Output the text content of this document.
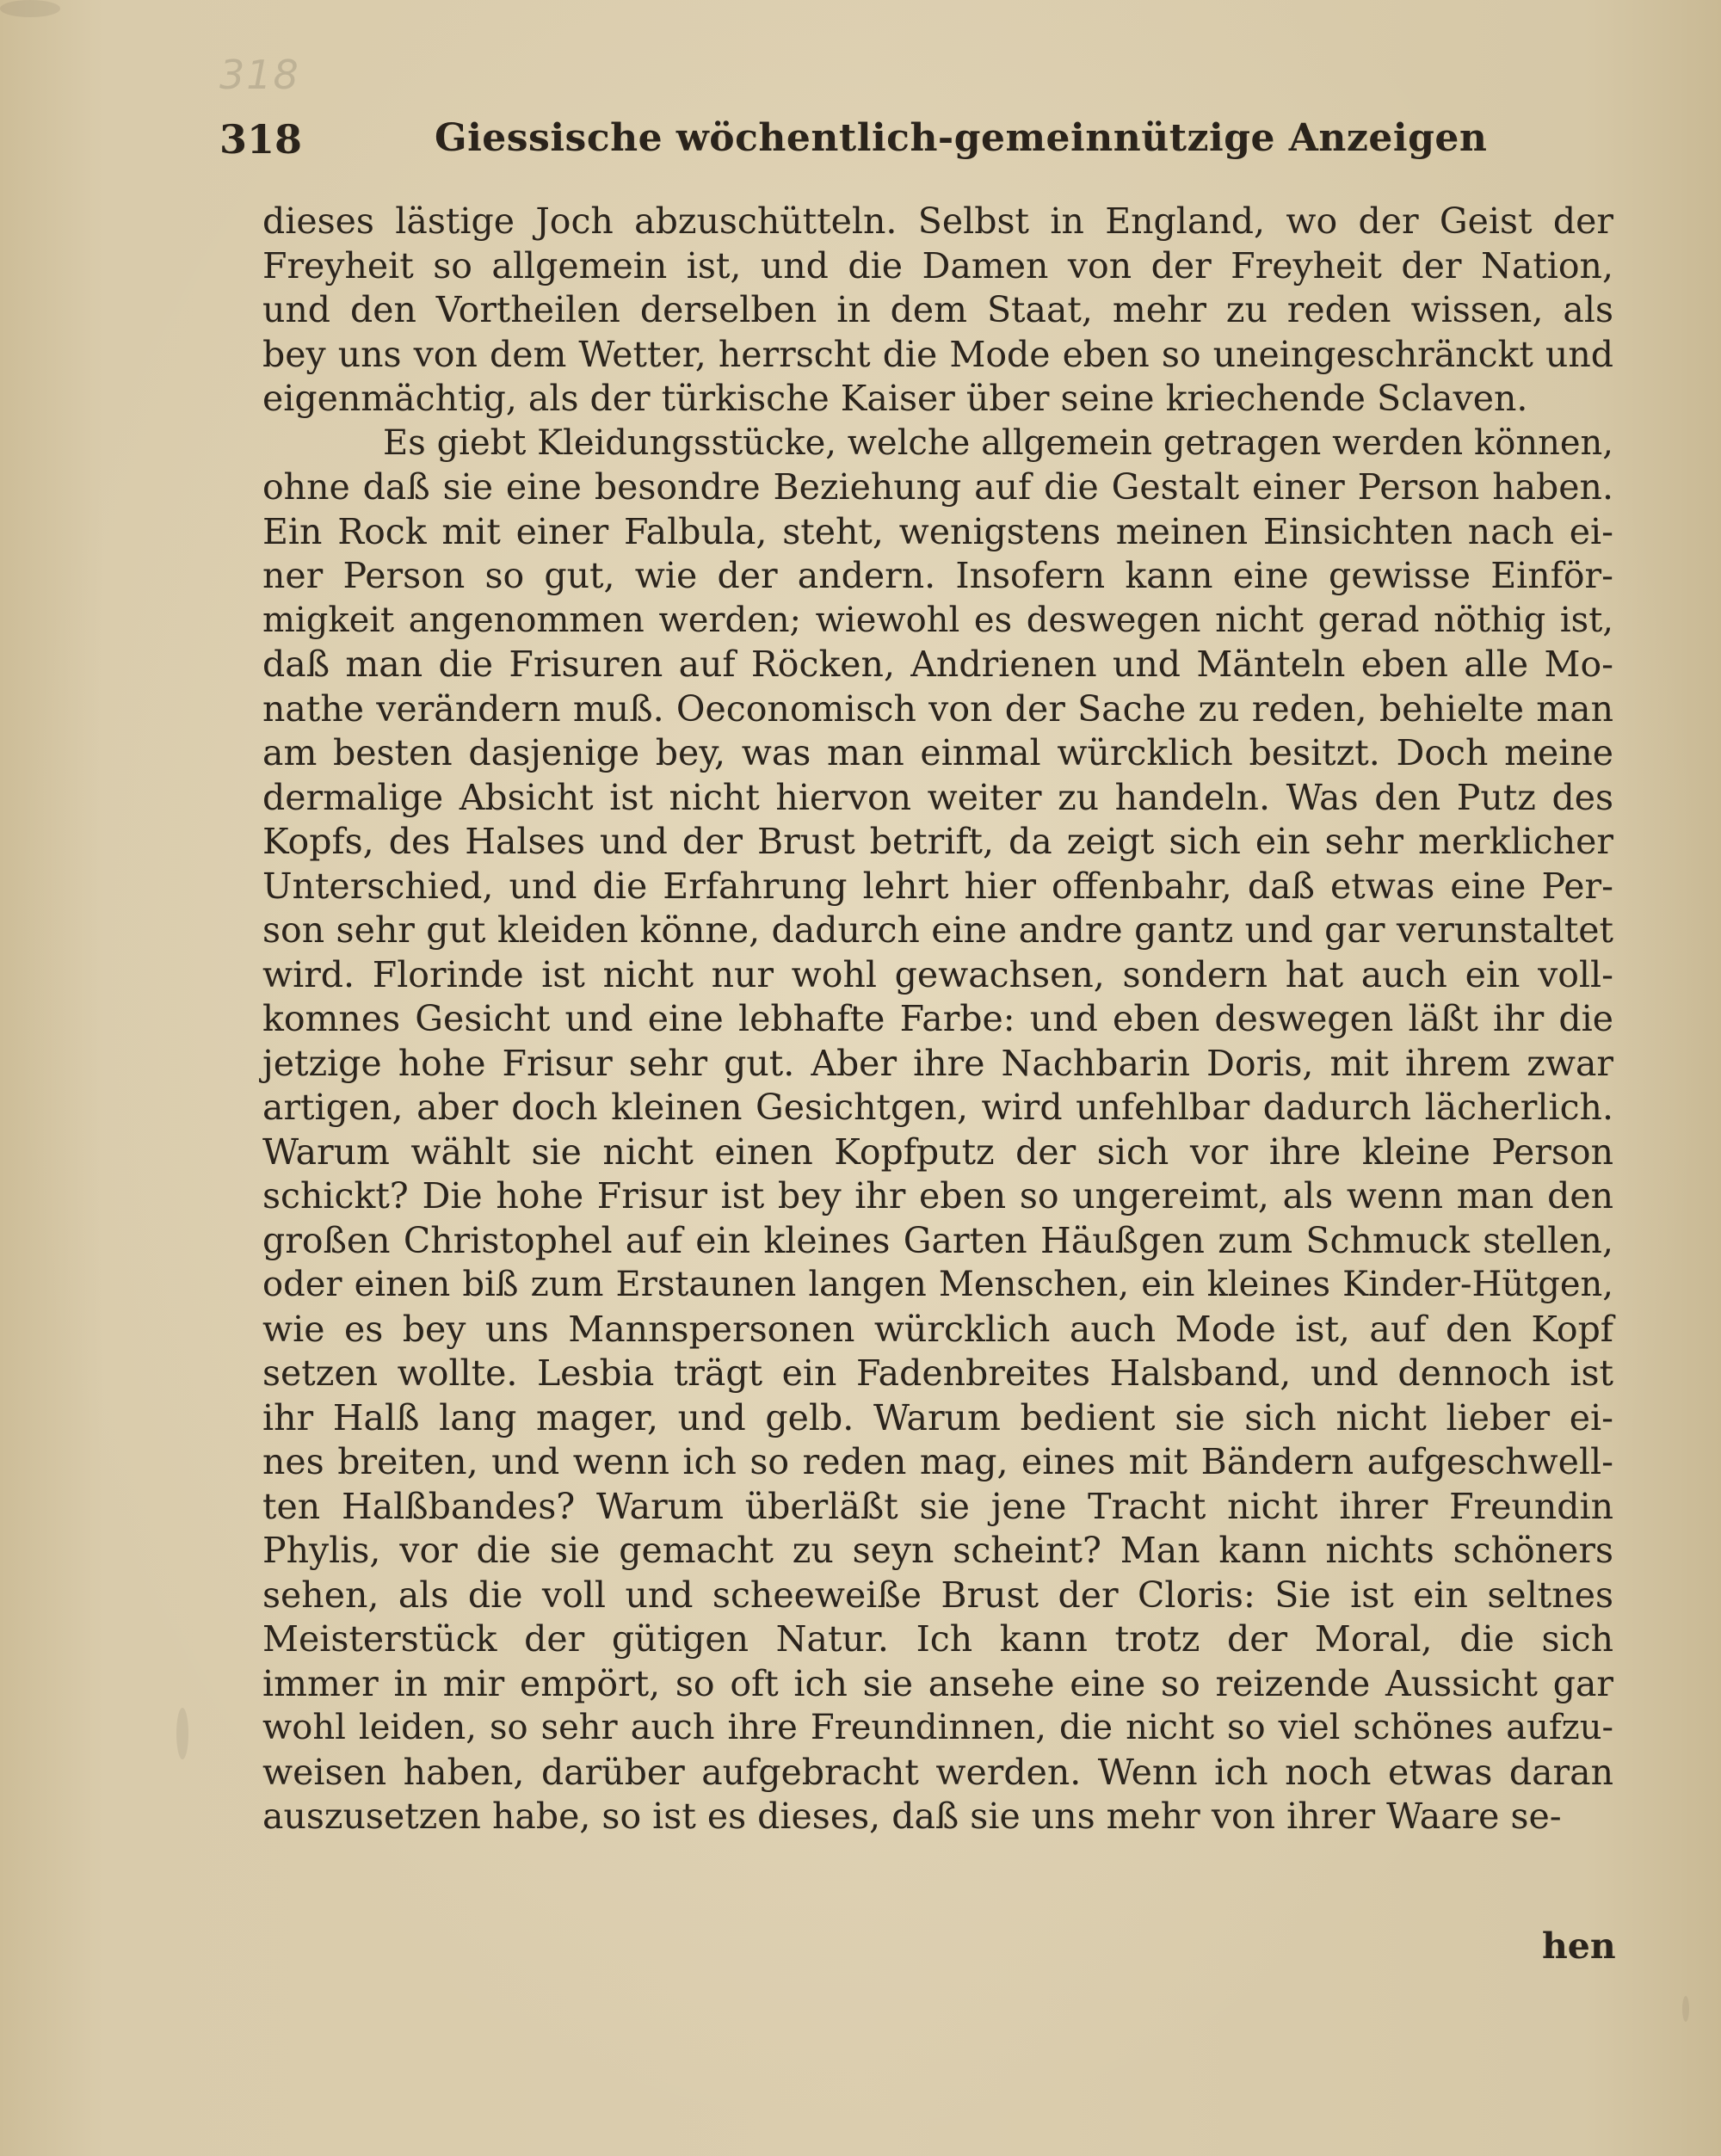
318
318	Giessische wöchentlich-gemeinnützige Anzeigen
dieses lästige Joch abzuschütteln. Selbst in England, wo der Geist der
Freyheit so allgemein ist, und die Damen von der Freyheit der Nation,
und den Vortheilen derselben in dem Staat, mehr zu reden wissen, als
bey uns von dem Wetter, herrscht die Mode eben so uneingeschränckt und
eigenmächtig, als der türkische Kaiser über seine kriechende Sclaven.
Es giebt Kleidungsstücke, welche allgemein getragen werden können,
ohne daß sie eine besondre Beziehung auf die Gestalt einer Person haben.
Ein Rock mit einer Falbula, steht, wenigstens meinen Einsichten nach ei-
ner Person so gut, wie der andern. Insofern kann eine gewisse Einför-
migkeit angenommen werden; wiewohl es deswegen nicht gerad nöthig ist,
daß man die Frisuren auf Röcken, Andrienen und Mänteln eben alle Mo-
nathe verändern muß. Oeconomisch von der Sache zu reden, behielte man
am besten dasjenige bey, was man einmal würcklich besitzt. Doch meine
dermalige Absicht ist nicht hiervon weiter zu handeln. Was den Putz des
Kopfs, des Halses und der Brust betrift, da zeigt sich ein sehr merklicher
Unterschied, und die Erfahrung lehrt hier offenbahr, daß etwas eine Per-
son sehr gut kleiden könne, dadurch eine andre gantz und gar verunstaltet
wird. Florinde ist nicht nur wohl gewachsen, sondern hat auch ein voll-
komnes Gesicht und eine lebhafte Farbe: und eben deswegen läßt ihr die
jetzige hohe Frisur sehr gut. Aber ihre Nachbarin Doris, mit ihrem zwar
artigen, aber doch kleinen Gesichtgen, wird unfehlbar dadurch lächerlich.
Warum wählt sie nicht einen Kopfputz der sich vor ihre kleine Person
schickt? Die hohe Frisur ist bey ihr eben so ungereimt, als wenn man den
großen Christophel auf ein kleines Garten Häußgen zum Schmuck stellen,
oder einen biß zum Erstaunen langen Menschen, ein kleines Kinder-Hütgen,
wie es bey uns Mannspersonen würcklich auch Mode ist, auf den Kopf
setzen wollte. Lesbia trägt ein Fadenbreites Halsband, und dennoch ist
ihr Halß lang mager, und gelb. Warum bedient sie sich nicht lieber ei-
nes breiten, und wenn ich so reden mag, eines mit Bändern aufgeschwell-
ten Halßbandes? Warum überläßt sie jene Tracht nicht ihrer Freundin
Phylis, vor die sie gemacht zu seyn scheint? Man kann nichts schöners
sehen, als die voll und scheeweiße Brust der Cloris: Sie ist ein seltnes
Meisterstück der gütigen Natur. Ich kann trotz der Moral, die sich
immer in mir empört, so oft ich sie ansehe eine so reizende Aussicht gar
wohl leiden, so sehr auch ihre Freundinnen, die nicht so viel schönes aufzu-
weisen haben, darüber aufgebracht werden. Wenn ich noch etwas daran
auszusetzen habe, so ist es dieses, daß sie uns mehr von ihrer Waare se-
hen
